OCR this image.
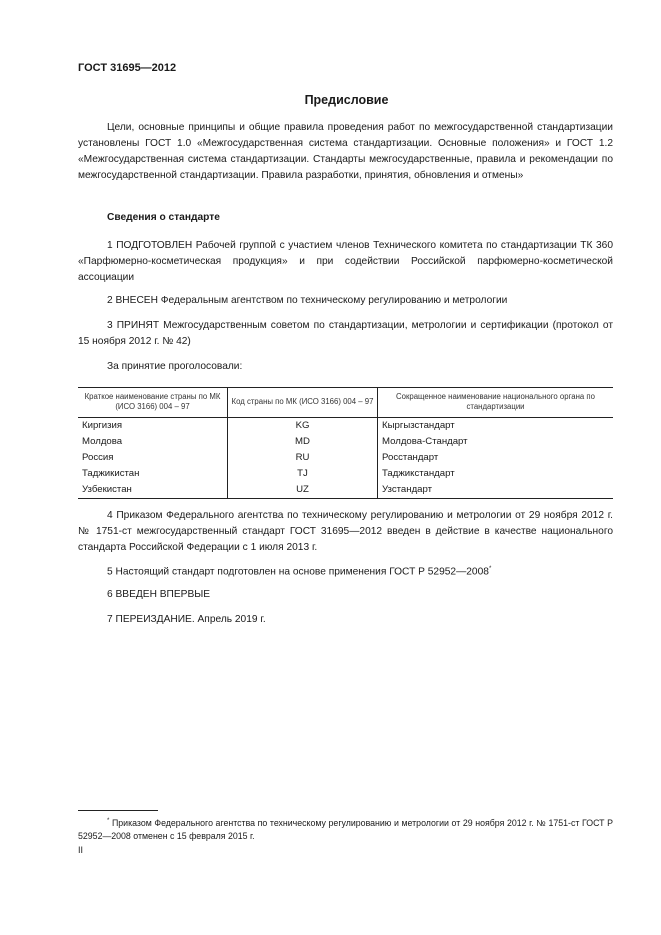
ГОСТ 31695—2012
Предисловие

Цели, основные принципы и общие правила проведения работ по межгосударственной стандартизации установлены ГОСТ 1.0 «Межгосударственная система стандартизации. Основные положения» и ГОСТ 1.2 «Межгосударственная система стандартизации. Стандарты межгосударственные, правила и рекомендации по межгосударственной стандартизации. Правила разработки, принятия, обновления и отмены»

Сведения о стандарте

1 ПОДГОТОВЛЕН Рабочей группой с участием членов Технического комитета по стандартизации ТК 360 «Парфюмерно-косметическая продукция» и при содействии Российской парфюмерно-косметической ассоциации

2 ВНЕСЕН Федеральным агентством по техническому регулированию и метрологии

3 ПРИНЯТ Межгосударственным советом по стандартизации, метрологии и сертификации (протокол от 15 ноября 2012 г. № 42)

За принятие проголосовали:

Краткое наименование страны по МК (ИСО 3166) 004 – 97	Код страны по МК (ИСО 3166) 004 – 97	Сокращенное наименование национального органа по стандартизации
Киргизия	KG	Кыргызстандарт
Молдова	MD	Молдова-Стандарт
Россия	RU	Росстандарт
Таджикистан	TJ	Таджикстандарт
Узбекистан	UZ	Узстандарт

4 Приказом Федерального агентства по техническому регулированию и метрологии от 29 ноября 2012 г. № 1751-ст межгосударственный стандарт ГОСТ 31695—2012 введен в действие в качестве национального стандарта Российской Федерации с 1 июля 2013 г.

5 Настоящий стандарт подготовлен на основе применения ГОСТ Р 52952—2008*

6 ВВЕДЕН ВПЕРВЫЕ

7 ПЕРЕИЗДАНИЕ. Апрель 2019 г.

* Приказом Федерального агентства по техническому регулированию и метрологии от 29 ноября 2012 г. № 1751-ст ГОСТ Р 52952—2008 отменен с 15 февраля 2015 г.

II
